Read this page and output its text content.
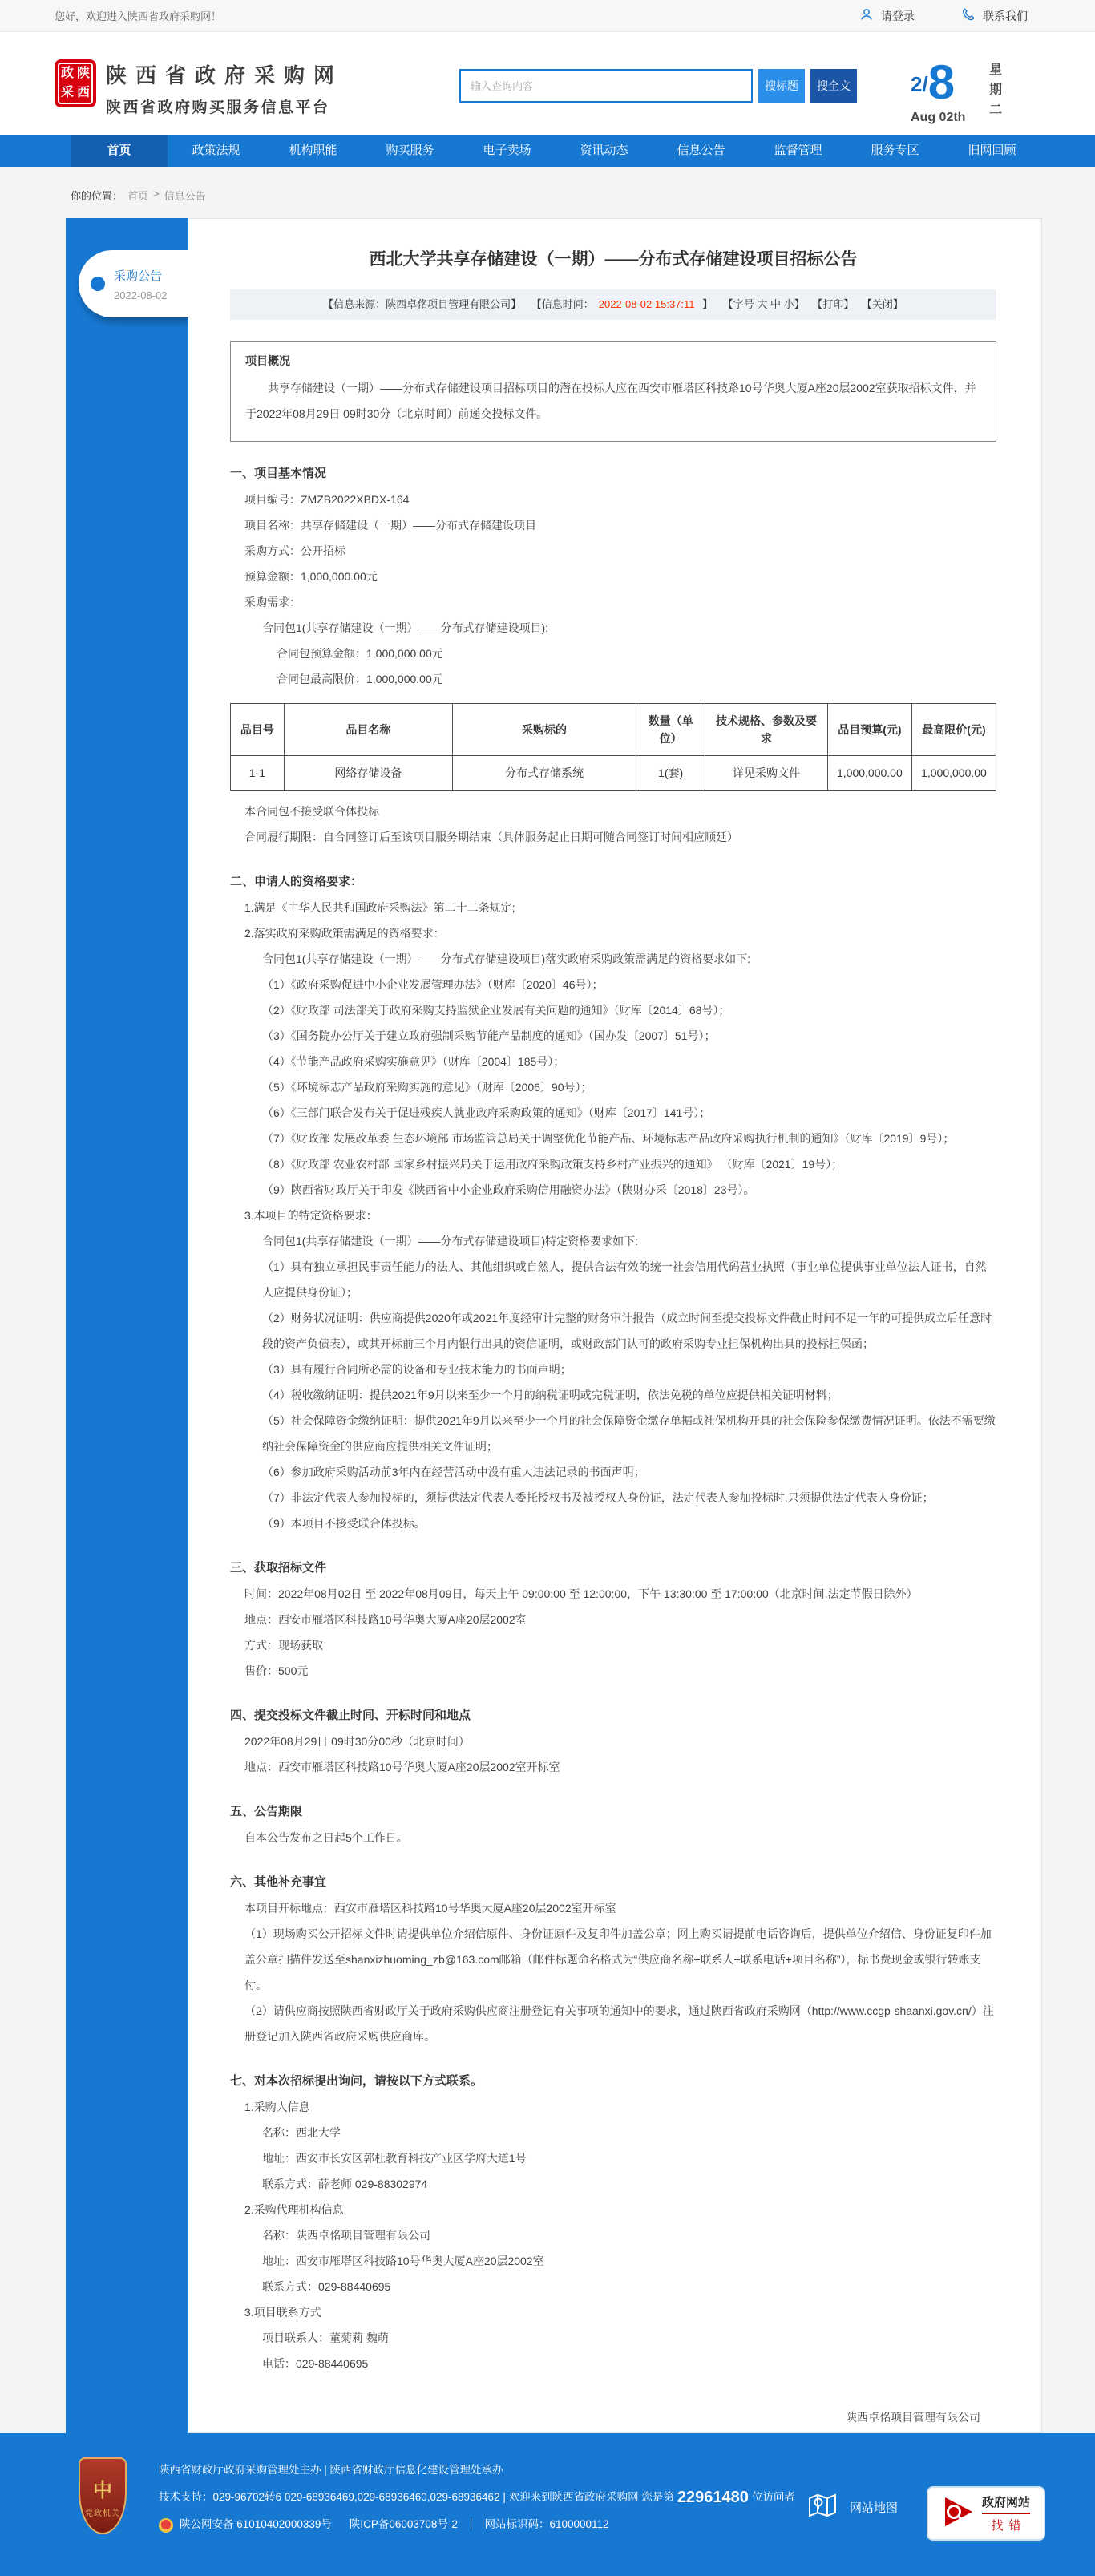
您好，欢迎进入陕西省政府采购网！	请登录	联系我们
政 陕
采 西
陕西省政府采购网
陕西省政府购买服务信息平台
输入查询内容
搜标题	搜全文	2/ 8
Aug 02th 星期二
首页	政策法规	机构职能	购买服务	电子卖场	资讯动态	信息公告	监督管理	服务专区	旧网回顾
你的位置： 首页 > 信息公告
采购公告
2022-08-02
西北大学共享存储建设（一期）——分布式存储建设项目招标公告
【信息来源：陕西卓佲项目管理有限公司】 【信息时间： 2022-08-02 15:37:11 】 【字号 大 中 小】 【打印】 【关闭】
项目概况

共享存储建设（一期）——分布式存储建设项目招标项目的潜在投标人应在西安市雁塔区科技路10号华奥大厦A座20层2002室获取招标文件，并于2022年08月29日 09时30分（北京时间）前递交投标文件。

一、项目基本情况
项目编号：ZMZB2022XBDX-164
项目名称：共享存储建设（一期）——分布式存储建设项目
采购方式：公开招标
预算金额：1,000,000.00元
采购需求：
合同包1(共享存储建设（一期）——分布式存储建设项目):
合同包预算金额：1,000,000.00元
合同包最高限价：1,000,000.00元
品目号	品目名称	采购标的	数量（单位）	技术规格、参数及要求	品目预算(元)	最高限价(元)
1-1	网络存储设备	分布式存储系统	1(套)	详见采购文件	1,000,000.00	1,000,000.00
本合同包不接受联合体投标
合同履行期限：自合同签订后至该项目服务期结束（具体服务起止日期可随合同签订时间相应顺延）
二、申请人的资格要求：
1.满足《中华人民共和国政府采购法》第二十二条规定;
2.落实政府采购政策需满足的资格要求：
合同包1(共享存储建设（一期）——分布式存储建设项目)落实政府采购政策需满足的资格要求如下:
（1）《政府采购促进中小企业发展管理办法》（财库〔2020〕46号）；
（2）《财政部 司法部关于政府采购支持监狱企业发展有关问题的通知》（财库〔2014〕68号）；
（3）《国务院办公厅关于建立政府强制采购节能产品制度的通知》（国办发〔2007〕51号）；
（4）《节能产品政府采购实施意见》（财库〔2004〕185号）；
（5）《环境标志产品政府采购实施的意见》（财库〔2006〕90号）；
（6）《三部门联合发布关于促进残疾人就业政府采购政策的通知》（财库〔2017〕141号）；
（7）《财政部 发展改革委 生态环境部 市场监管总局关于调整优化节能产品、环境标志产品政府采购执行机制的通知》（财库〔2019〕9号）；
（8）《财政部 农业农村部 国家乡村振兴局关于运用政府采购政策支持乡村产业振兴的通知》 （财库〔2021〕19号）；
（9）陕西省财政厅关于印发《陕西省中小企业政府采购信用融资办法》（陕财办采〔2018〕23号）。
3.本项目的特定资格要求：
合同包1(共享存储建设（一期）——分布式存储建设项目)特定资格要求如下:
（1）具有独立承担民事责任能力的法人、其他组织或自然人，提供合法有效的统一社会信用代码营业执照（事业单位提供事业单位法人证书，自然人应提供身份证）；
（2）财务状况证明：供应商提供2020年或2021年度经审计完整的财务审计报告（成立时间至提交投标文件截止时间不足一年的可提供成立后任意时段的资产负债表），或其开标前三个月内银行出具的资信证明，或财政部门认可的政府采购专业担保机构出具的投标担保函；
（3）具有履行合同所必需的设备和专业技术能力的书面声明；
（4）税收缴纳证明：提供2021年9月以来至少一个月的纳税证明或完税证明，依法免税的单位应提供相关证明材料；
（5）社会保障资金缴纳证明：提供2021年9月以来至少一个月的社会保障资金缴存单据或社保机构开具的社会保险参保缴费情况证明。依法不需要缴纳社会保障资金的供应商应提供相关文件证明；
（6）参加政府采购活动前3年内在经营活动中没有重大违法记录的书面声明；
（7）非法定代表人参加投标的，须提供法定代表人委托授权书及被授权人身份证，法定代表人参加投标时,只须提供法定代表人身份证；
（9）本项目不接受联合体投标。
三、获取招标文件
时间：2022年08月02日 至 2022年08月09日，每天上午 09:00:00 至 12:00:00，下午 13:30:00 至 17:00:00（北京时间,法定节假日除外）
地点：西安市雁塔区科技路10号华奥大厦A座20层2002室
方式：现场获取
售价：500元
四、提交投标文件截止时间、开标时间和地点
2022年08月29日 09时30分00秒（北京时间）
地点：西安市雁塔区科技路10号华奥大厦A座20层2002室开标室
五、公告期限
自本公告发布之日起5个工作日。
六、其他补充事宜
本项目开标地点：西安市雁塔区科技路10号华奥大厦A座20层2002室开标室
（1）现场购买公开招标文件时请提供单位介绍信原件、身份证原件及复印件加盖公章；网上购买请提前电话咨询后，提供单位介绍信、身份证复印件加盖公章扫描件发送至shanxizhuoming_zb@163.com邮箱（邮件标题命名格式为“供应商名称+联系人+联系电话+项目名称”），标书费现金或银行转账支付。
（2）请供应商按照陕西省财政厅关于政府采购供应商注册登记有关事项的通知中的要求，通过陕西省政府采购网（http://www.ccgp-shaanxi.gov.cn/）注册登记加入陕西省政府采购供应商库。
七、对本次招标提出询问，请按以下方式联系。
1.采购人信息
名称：西北大学
地址：西安市长安区郭杜教育科技产业区学府大道1号
联系方式：薛老师 029-88302974
2.采购代理机构信息
名称：陕西卓佲项目管理有限公司
地址：西安市雁塔区科技路10号华奥大厦A座20层2002室
联系方式：029-88440695
3.项目联系方式
项目联系人：董菊莉 魏萌
电话：029-88440695
陕西卓佲项目管理有限公司
中
党政机关
陕西省财政厅政府采购管理处主办 | 陕西省财政厅信息化建设管理处承办
技术支持：029-96702转6 029-68936469,029-68936460,029-68936462 | 欢迎来到陕西省政府采购网 您是第 22961480 位访问者
陕公网安备 61010402000339号 陕ICP备06003708号-2 ｜ 网站标识码：6100000112
网站地图	政府网站
找错
